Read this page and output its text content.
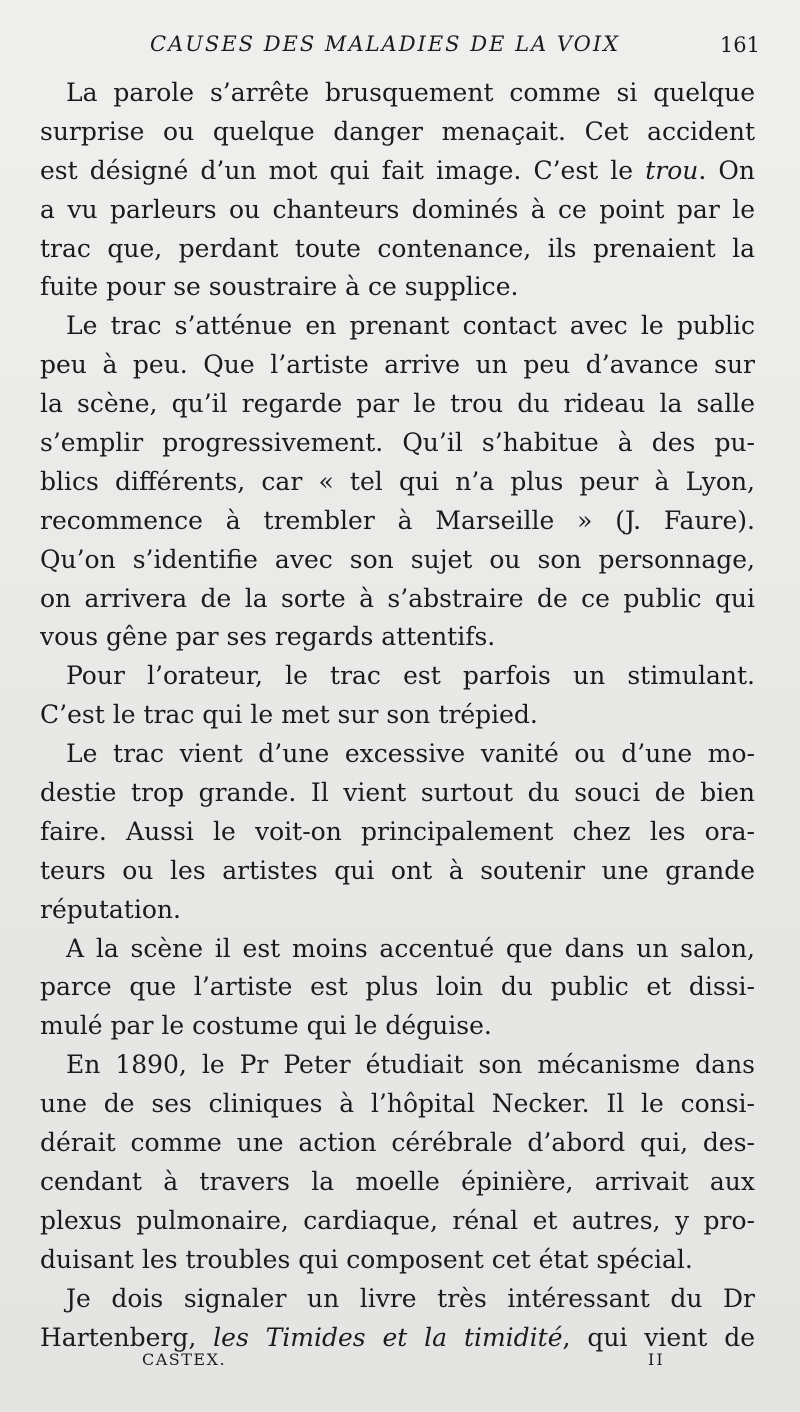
CAUSES DES MALADIES DE LA VOIX	161
La parole s’arrête brusquement comme si quelque
surprise ou quelque danger menaçait. Cet accident
est désigné d’un mot qui fait image. C’est le trou. On
a vu parleurs ou chanteurs dominés à ce point par le
trac que, perdant toute contenance, ils prenaient la
fuite pour se soustraire à ce supplice.
Le trac s’atténue en prenant contact avec le public
peu à peu. Que l’artiste arrive un peu d’avance sur
la scène, qu’il regarde par le trou du rideau la salle
s’emplir progressivement. Qu’il s’habitue à des pu-
blics différents, car « tel qui n’a plus peur à Lyon,
recommence à trembler à Marseille » (J. Faure).
Qu’on s’identifie avec son sujet ou son personnage,
on arrivera de la sorte à s’abstraire de ce public qui
vous gêne par ses regards attentifs.
Pour l’orateur, le trac est parfois un stimulant.
C’est le trac qui le met sur son trépied.
Le trac vient d’une excessive vanité ou d’une mo-
destie trop grande. Il vient surtout du souci de bien
faire. Aussi le voit-on principalement chez les ora-
teurs ou les artistes qui ont à soutenir une grande
réputation.
A la scène il est moins accentué que dans un salon,
parce que l’artiste est plus loin du public et dissi-
mulé par le costume qui le déguise.
En 1890, le Pr Peter étudiait son mécanisme dans
une de ses cliniques à l’hôpital Necker. Il le consi-
dérait comme une action cérébrale d’abord qui, des-
cendant à travers la moelle épinière, arrivait aux
plexus pulmonaire, cardiaque, rénal et autres, y pro-
duisant les troubles qui composent cet état spécial.
Je dois signaler un livre très intéressant du Dr
Hartenberg, les Timides et la timidité, qui vient de
CASTEX.	II
